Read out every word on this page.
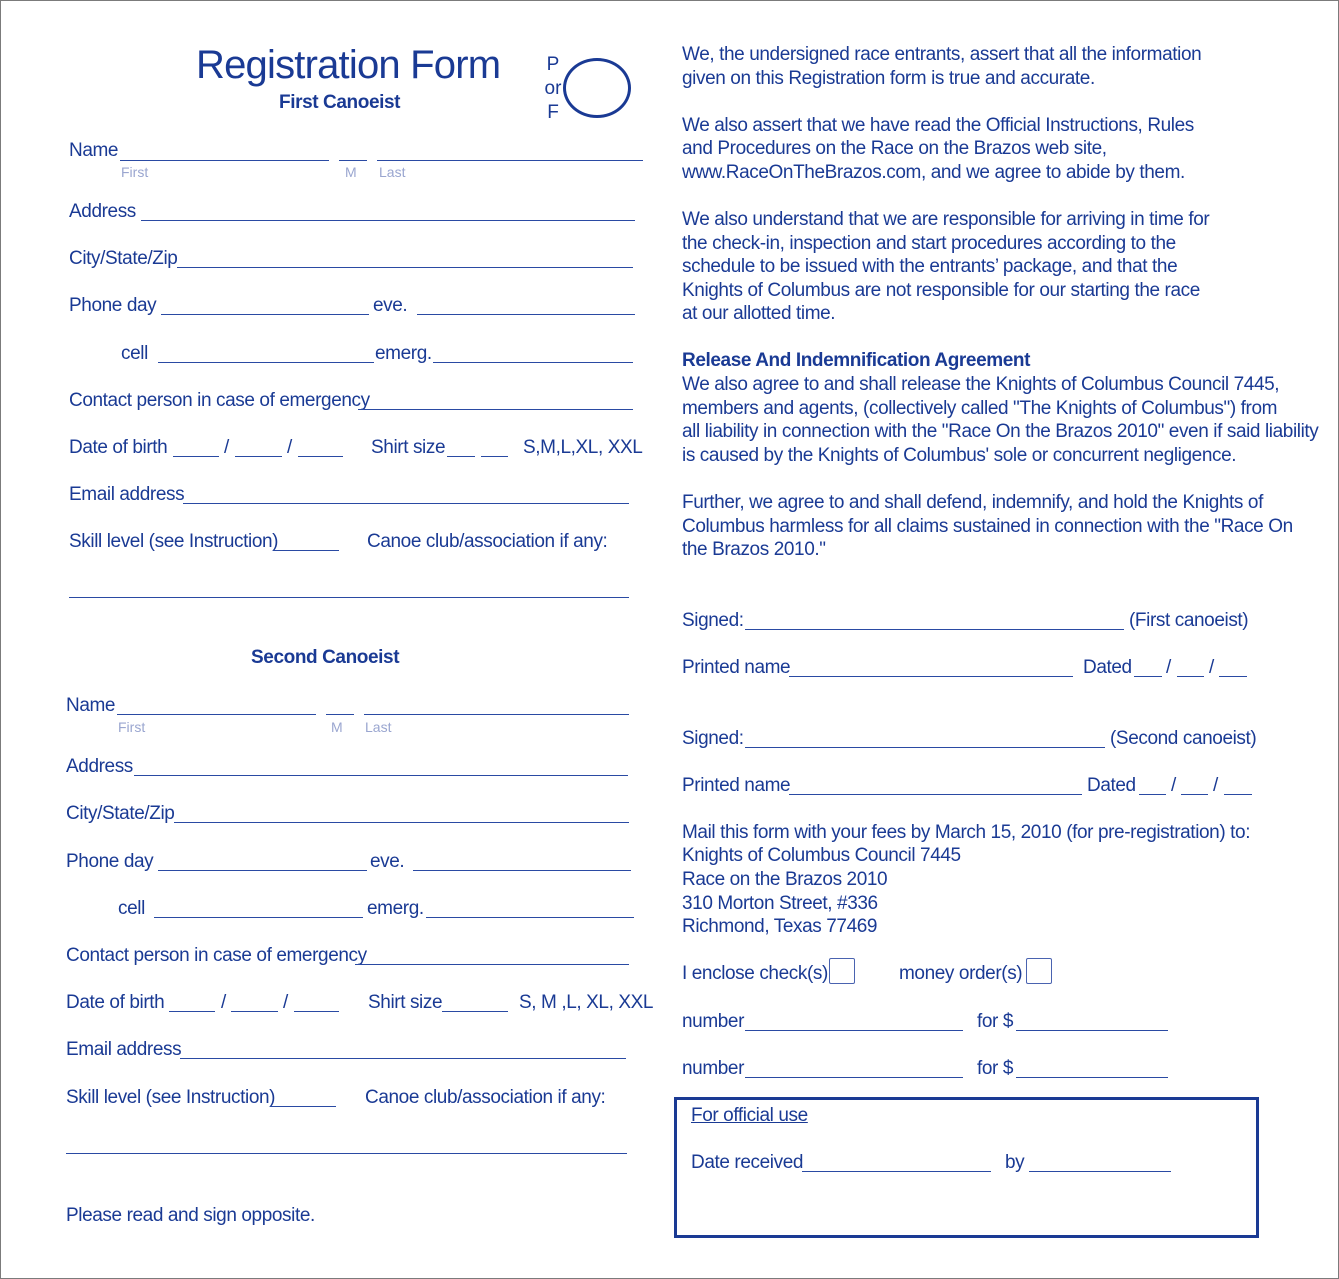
Registration Form P
or
F
First Canoeist
Name
First	M Last
Address
City/State/Zip
Phone day	eve.
cell	emerg.
Contact person in case of emergency
Date of birth	/	/	Shirt size	S,M,L,XL, XXL
Email address
Skill level (see Instruction)	Canoe club/association if any:
Second Canoeist
Name
First	M Last
Address
City/State/Zip
Phone day	eve.
cell	emerg.
Contact person in case of emergency
Date of birth	/	/	Shirt size	S, M ,L, XL, XXL
Email address
Skill level (see Instruction)	Canoe club/association if any:
Please read and sign opposite.
We, the undersigned race entrants, assert that all the information
given on this Registration form is true and accurate.
We also assert that we have read the Official Instructions, Rules
and Procedures on the Race on the Brazos web site,
www.RaceOnTheBrazos.com, and we agree to abide by them.
We also understand that we are responsible for arriving in time for
the check-in, inspection and start procedures according to the
schedule to be issued with the entrants’ package, and that the
Knights of Columbus are not responsible for our starting the race
at our allotted time.
Release And Indemnification Agreement
We also agree to and shall release the Knights of Columbus Council 7445,
members and agents, (collectively called "The Knights of Columbus") from
all liability in connection with the "Race On the Brazos 2010" even if said liability
is caused by the Knights of Columbus' sole or concurrent negligence.
Further, we agree to and shall defend, indemnify, and hold the Knights of
Columbus harmless for all claims sustained in connection with the "Race On
the Brazos 2010."
Signed:	(First canoeist)
Printed name	Dated / /
Signed:	(Second canoeist)
Printed name	Dated / /
Mail this form with your fees by March 15, 2010 (for pre-registration) to:
Knights of Columbus Council 7445
Race on the Brazos 2010
310 Morton Street, #336
Richmond, Texas 77469
I enclose check(s)	money order(s)
number	for $
number	for $
For official use
Date received	by
